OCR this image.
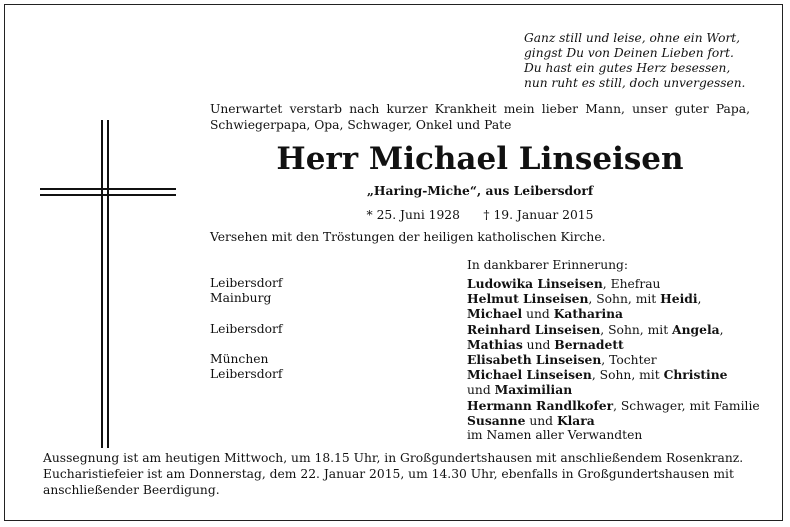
Ganz still und leise, ohne ein Wort,
gingst Du von Deinen Lieben fort.
Du hast ein gutes Herz besessen,
nun ruht es still, doch unvergessen.
Unerwartet verstarb nach kurzer Krankheit mein lieber Mann, unser guter Papa, Schwiegerpapa, Opa, Schwager, Onkel und Pate
Herr Michael Linseisen
„Haring-Miche“, aus Leibersdorf
* 25. Juni 1928      † 19. Januar 2015
Versehen mit den Tröstungen der heiligen katholischen Kirche.
In dankbarer Erinnerung:
Leibersdorf	Ludowika Linseisen, Ehefrau
Mainburg	Helmut Linseisen, Sohn, mit Heidi,
Michael und Katharina
Leibersdorf	Reinhard Linseisen, Sohn, mit Angela,
Mathias und Bernadett
München	Elisabeth Linseisen, Tochter
Leibersdorf	Michael Linseisen, Sohn, mit Christine
und Maximilian
Hermann Randlkofer, Schwager, mit Familie
Susanne und Klara
im Namen aller Verwandten
Aussegnung ist am heutigen Mittwoch, um 18.15 Uhr, in Großgundertshausen mit anschließendem Rosenkranz.
Eucharistiefeier ist am Donnerstag, dem 22. Januar 2015, um 14.30 Uhr, ebenfalls in Großgundertshausen mit
anschließender Beerdigung.
